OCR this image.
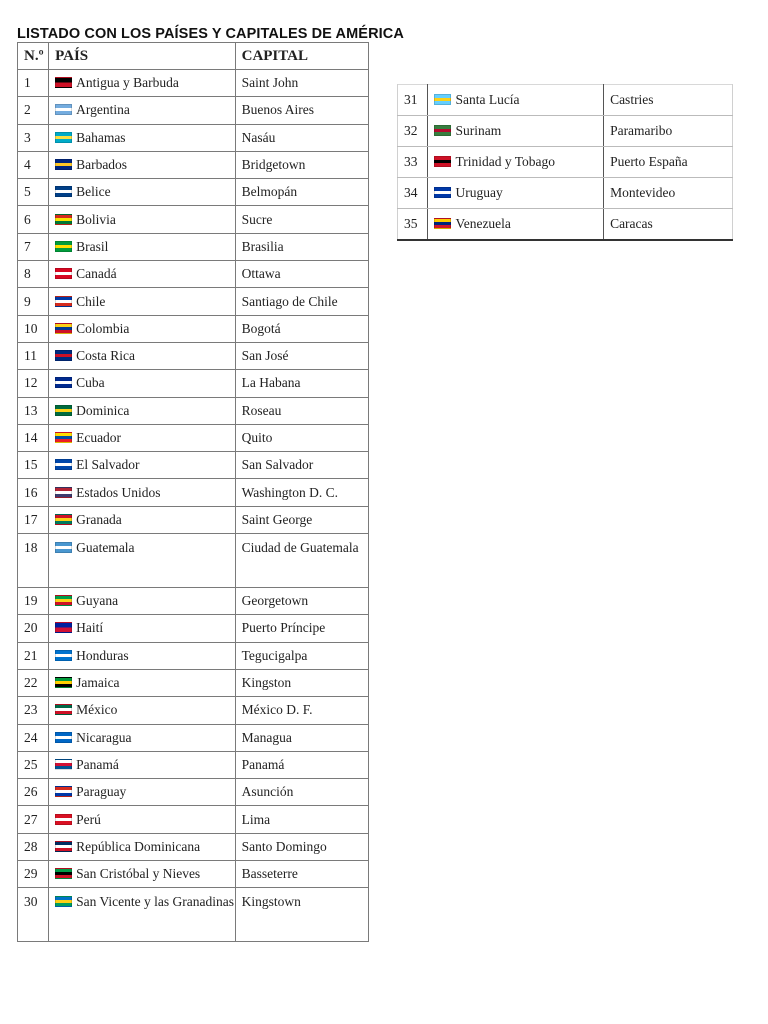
LISTADO CON LOS PAÍSES Y CAPITALES DE AMÉRICA
N.º	PAÍS	CAPITAL
1	Antigua y Barbuda	Saint John
2	Argentina	Buenos Aires
3	Bahamas	Nasáu
4	Barbados	Bridgetown
5	Belice	Belmopán
6	Bolivia	Sucre
7	Brasil	Brasilia
8	Canadá	Ottawa
9	Chile	Santiago de Chile
10	Colombia	Bogotá
11	Costa Rica	San José
12	Cuba	La Habana
13	Dominica	Roseau
14	Ecuador	Quito
15	El Salvador	San Salvador
16	Estados Unidos	Washington D. C.
17	Granada	Saint George
18	Guatemala	Ciudad de Guatemala
19	Guyana	Georgetown
20	Haití	Puerto Príncipe
21	Honduras	Tegucigalpa
22	Jamaica	Kingston
23	México	México D. F.
24	Nicaragua	Managua
25	Panamá	Panamá
26	Paraguay	Asunción
27	Perú	Lima
28	República Dominicana	Santo Domingo
29	San Cristóbal y Nieves	Basseterre
30	San Vicente y las Granadinas	Kingstown
31	Santa Lucía	Castries
32	Surinam	Paramaribo
33	Trinidad y Tobago	Puerto España
34	Uruguay	Montevideo
35	Venezuela	Caracas
